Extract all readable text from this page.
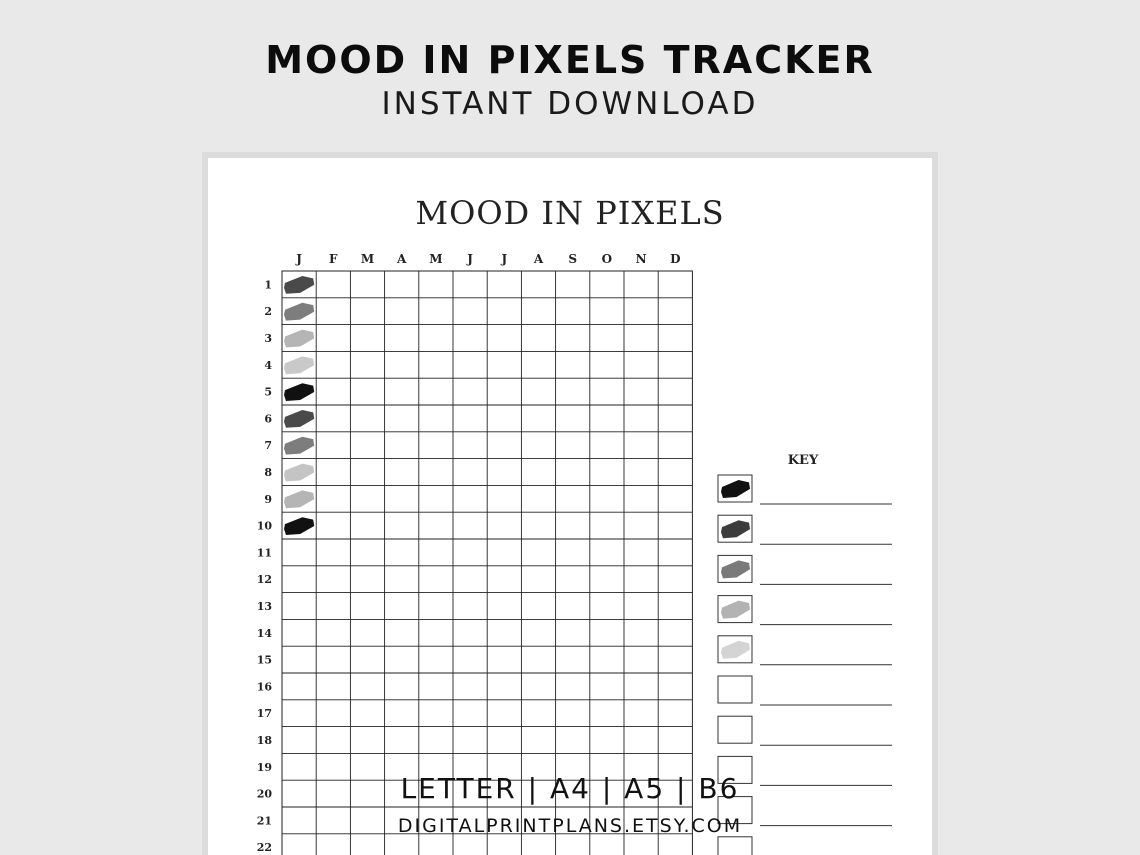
MOOD IN PIXELS TRACKER
INSTANT DOWNLOAD
MOOD IN PIXELS
J F M A M J J A S O N D
1
2
3
4
5
6
7
8
9
10
11
12
13
14
15
16
17
18
19
20
21
22
KEY
LETTER | A4 | A5 | B6
DIGITALPRINTPLANS.ETSY.COM
